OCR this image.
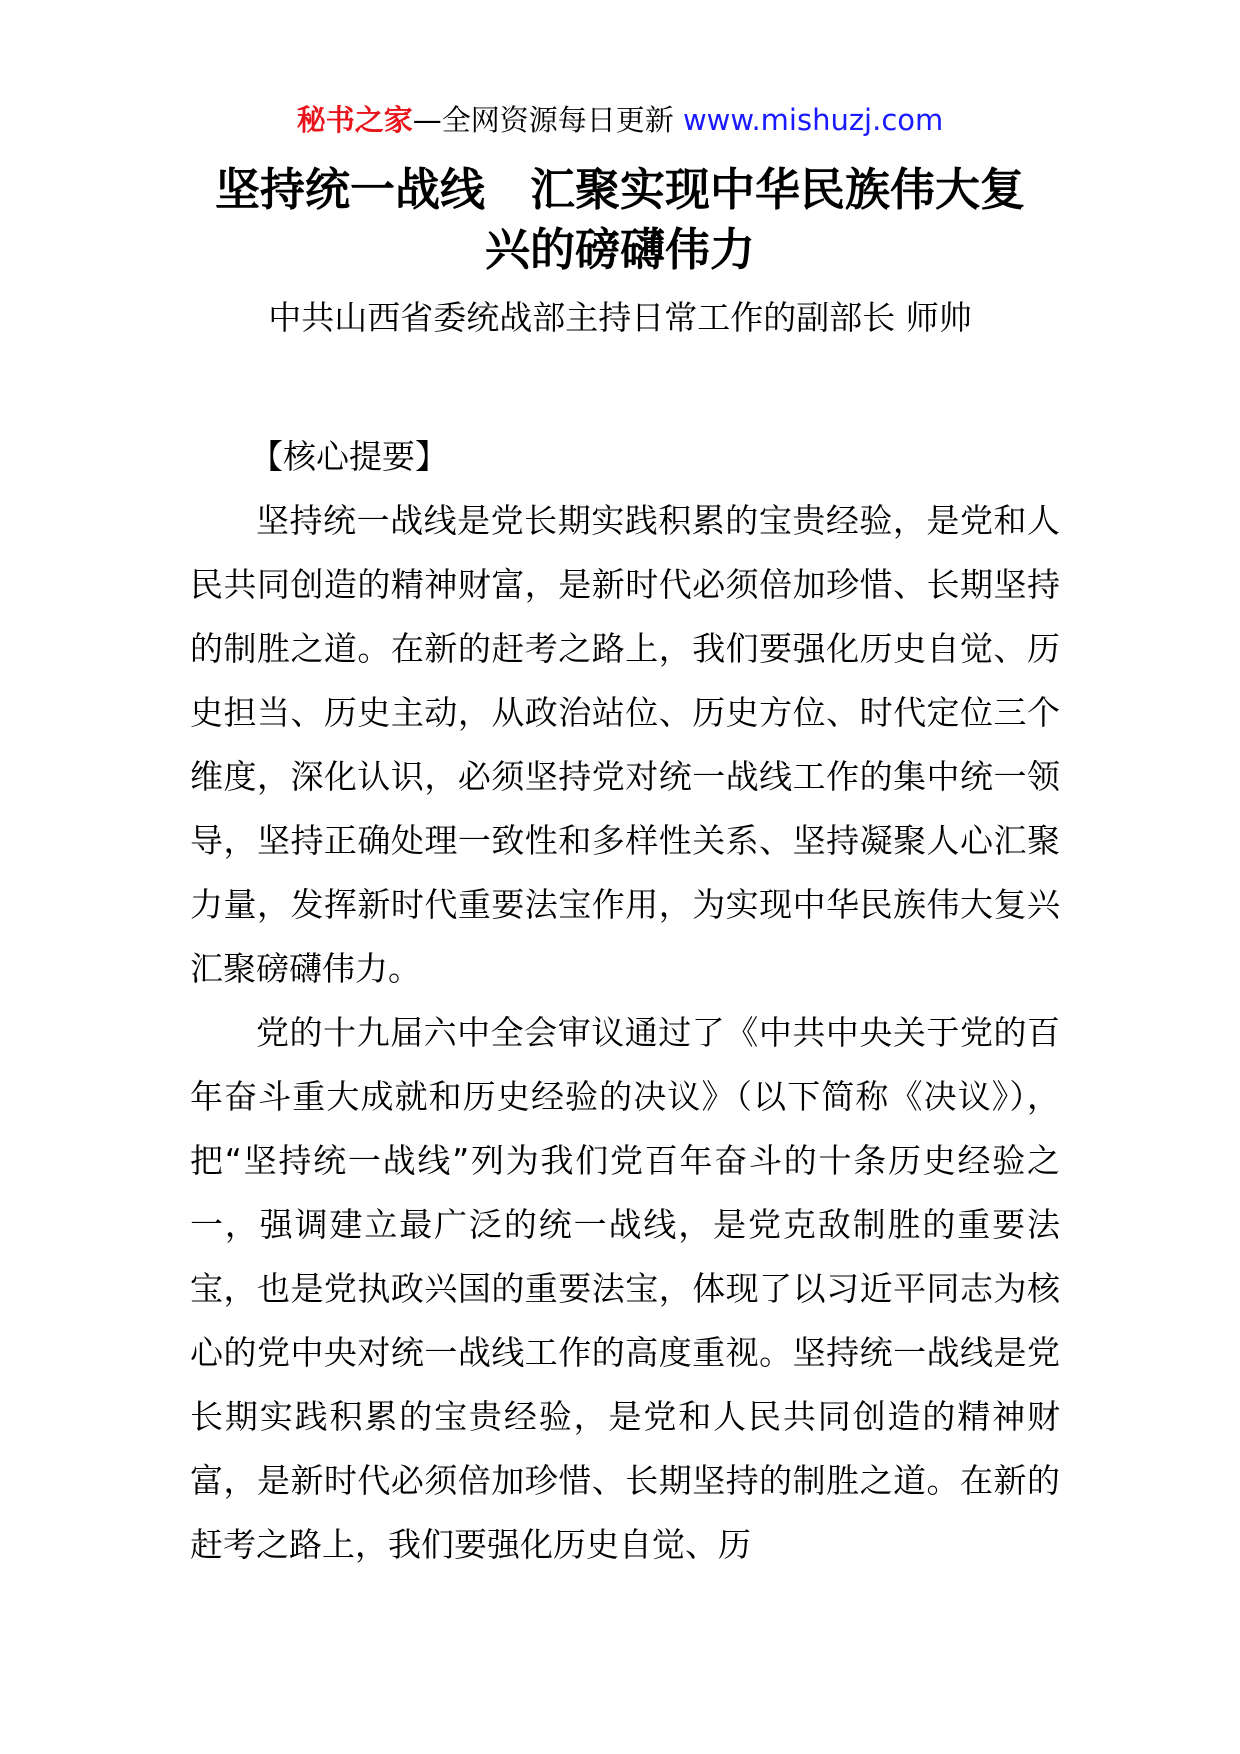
秘书之家—全网资源每日更新 www.mishuzj.com
坚持统一战线　汇聚实现中华民族伟大复
兴的磅礴伟力
中共山西省委统战部主持日常工作的副部长 师帅

【核心提要】

坚持统一战线是党长期实践积累的宝贵经验，是党和人民共同创造的精神财富，是新时代必须倍加珍惜、长期坚持的制胜之道。在新的赶考之路上，我们要强化历史自觉、历史担当、历史主动，从政治站位、历史方位、时代定位三个维度，深化认识，必须坚持党对统一战线工作的集中统一领导，坚持正确处理一致性和多样性关系、坚持凝聚人心汇聚力量，发挥新时代重要法宝作用，为实现中华民族伟大复兴汇聚磅礴伟力。

党的十九届六中全会审议通过了《中共中央关于党的百年奋斗重大成就和历史经验的决议》（以下简称《决议》），把“坚持统一战线”列为我们党百年奋斗的十条历史经验之一，强调建立最广泛的统一战线，是党克敌制胜的重要法宝，也是党执政兴国的重要法宝，体现了以习近平同志为核心的党中央对统一战线工作的高度重视。坚持统一战线是党长期实践积累的宝贵经验，是党和人民共同创造的精神财富，是新时代必须倍加珍惜、长期坚持的制胜之道。在新的赶考之路上，我们要强化历史自觉、历
